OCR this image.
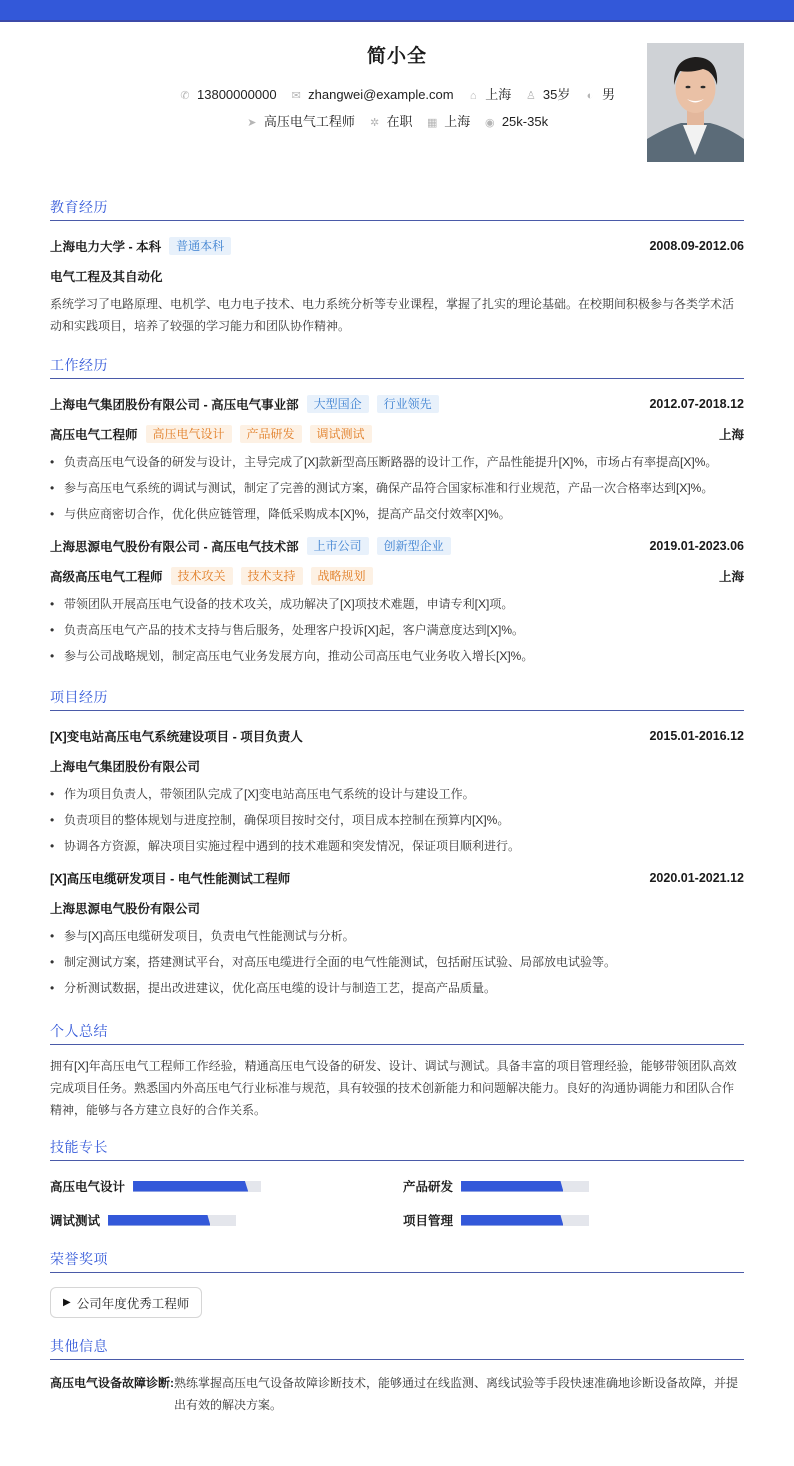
简小全
✆ 13800000000 ✉ zhangwei@example.com ⌂ 上海 ♙ 35岁 ◐ 男
➤ 高压电气工程师 ✲ 在职 ▦ 上海 ◉ 25k-35k
教育经历
上海电力大学 - 本科	普通本科	2008.09-2012.06
电气工程及其自动化
系统学习了电路原理、电机学、电力电子技术、电力系统分析等专业课程，掌握了扎实的理论基础。在校期间积极参与各类学术活动和实践项目，培养了较强的学习能力和团队协作精神。
工作经历
上海电气集团股份有限公司 - 高压电气事业部	大型国企	行业领先	2012.07-2018.12
高压电气工程师	高压电气设计	产品研发	调试测试	上海
• 负责高压电气设备的研发与设计，主导完成了[X]款新型高压断路器的设计工作，产品性能提升[X]%，市场占有率提高[X]%。
• 参与高压电气系统的调试与测试，制定了完善的测试方案，确保产品符合国家标准和行业规范，产品一次合格率达到[X]%。
• 与供应商密切合作，优化供应链管理，降低采购成本[X]%，提高产品交付效率[X]%。
上海思源电气股份有限公司 - 高压电气技术部	上市公司	创新型企业	2019.01-2023.06
高级高压电气工程师	技术攻关	技术支持	战略规划	上海
• 带领团队开展高压电气设备的技术攻关，成功解决了[X]项技术难题，申请专利[X]项。
• 负责高压电气产品的技术支持与售后服务，处理客户投诉[X]起，客户满意度达到[X]%。
• 参与公司战略规划，制定高压电气业务发展方向，推动公司高压电气业务收入增长[X]%。
项目经历
[X]变电站高压电气系统建设项目 - 项目负责人	2015.01-2016.12
上海电气集团股份有限公司
• 作为项目负责人，带领团队完成了[X]变电站高压电气系统的设计与建设工作。
• 负责项目的整体规划与进度控制，确保项目按时交付，项目成本控制在预算内[X]%。
• 协调各方资源，解决项目实施过程中遇到的技术难题和突发情况，保证项目顺利进行。
[X]高压电缆研发项目 - 电气性能测试工程师	2020.01-2021.12
上海思源电气股份有限公司
• 参与[X]高压电缆研发项目，负责电气性能测试与分析。
• 制定测试方案，搭建测试平台，对高压电缆进行全面的电气性能测试，包括耐压试验、局部放电试验等。
• 分析测试数据，提出改进建议，优化高压电缆的设计与制造工艺，提高产品质量。
个人总结
拥有[X]年高压电气工程师工作经验，精通高压电气设备的研发、设计、调试与测试。具备丰富的项目管理经验，能够带领团队高效完成项目任务。熟悉国内外高压电气行业标准与规范，具有较强的技术创新能力和问题解决能力。良好的沟通协调能力和团队合作精神，能够与各方建立良好的合作关系。
技能专长
高压电气设计	产品研发
调试测试	项目管理
荣誉奖项
▶ 公司年度优秀工程师
其他信息
高压电气设备故障诊断: 熟练掌握高压电气设备故障诊断技术，能够通过在线监测、离线试验等手段快速准确地诊断设备故障，并提出有效的解决方案。
